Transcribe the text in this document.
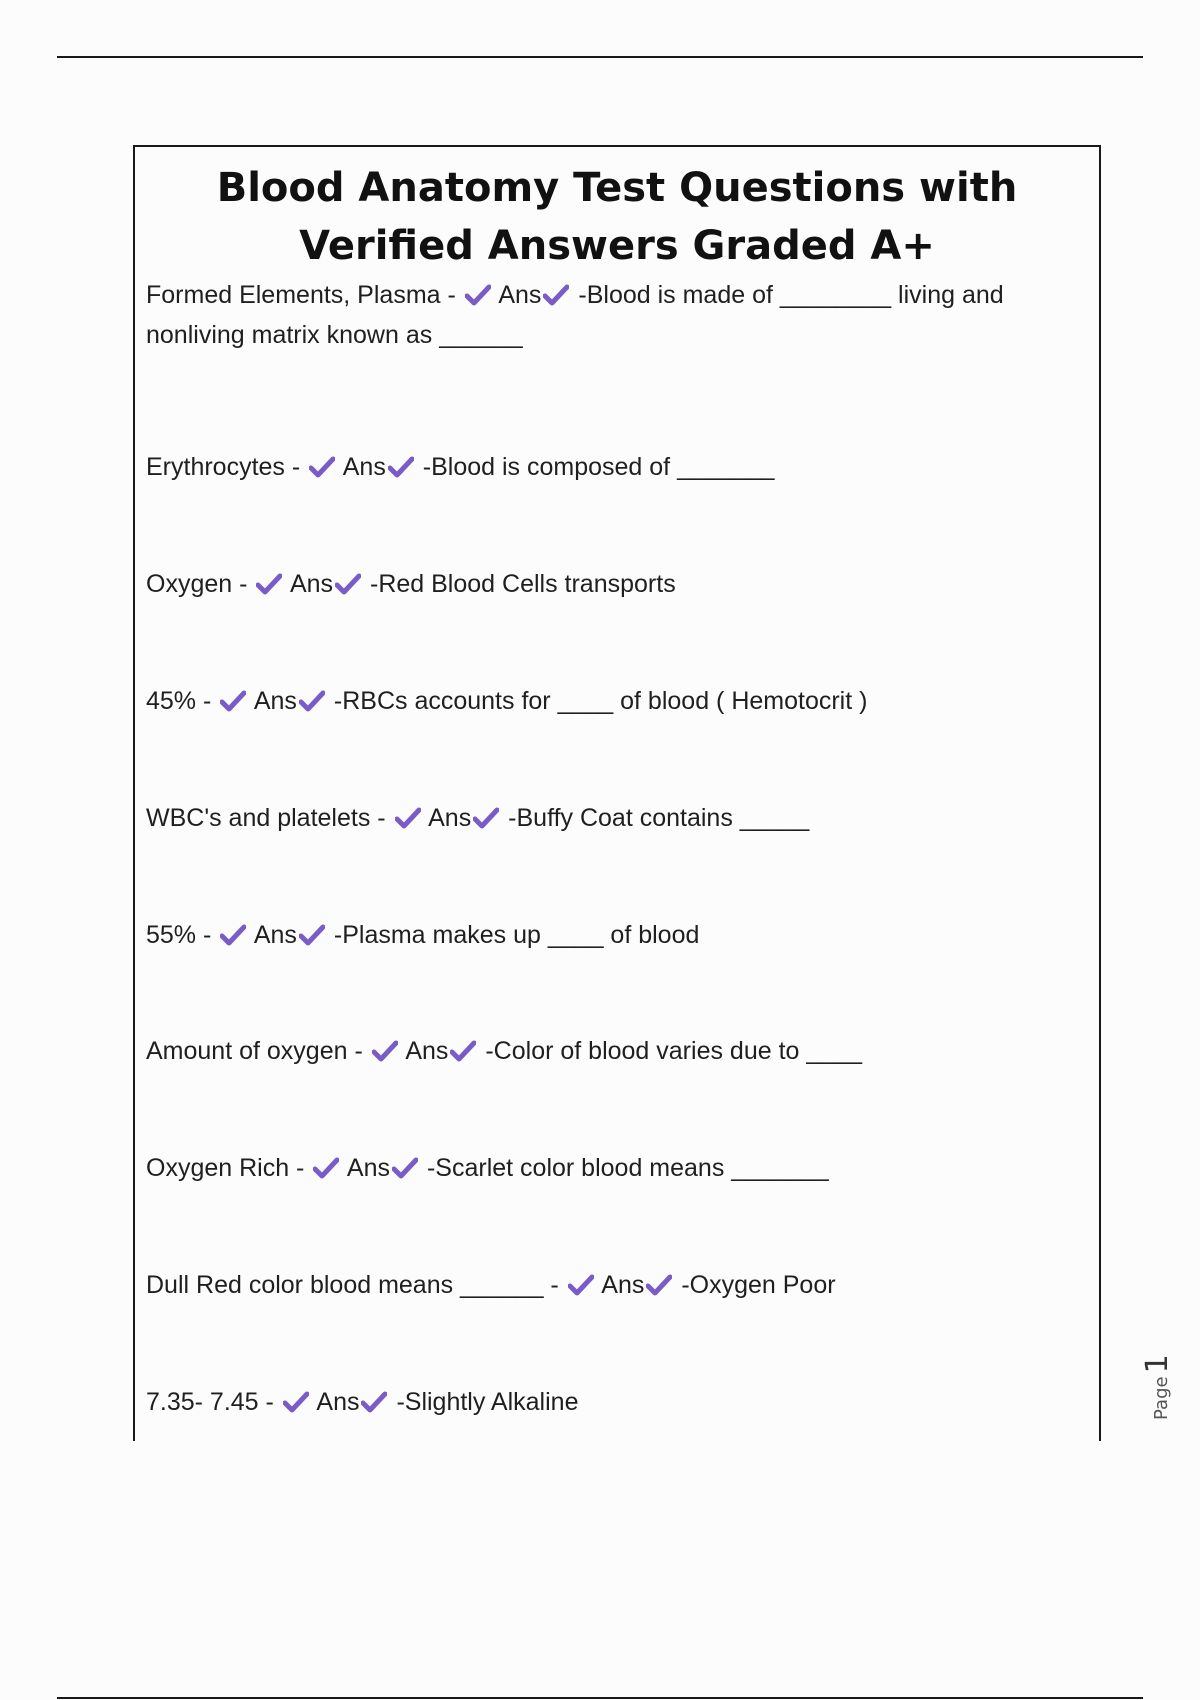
Blood Anatomy Test Questions with
Verified Answers Graded A+
Formed Elements, Plasma -
Ans -Blood is made of ________ living and nonliving matrix known as ______
Erythrocytes -
Ans -Blood is composed of _______
Oxygen -
Ans -Red Blood Cells transports
45% -
Ans -RBCs accounts for ____ of blood ( Hemotocrit )
WBC's and platelets -
Ans -Buffy Coat contains _____
55% -
Ans -Plasma makes up ____ of blood
Amount of oxygen -
Ans -Color of blood varies due to ____
Oxygen Rich -
Ans -Scarlet color blood means _______
Dull Red color blood means ______ -
Ans -Oxygen Poor
7.35- 7.45 -
Ans -Slightly Alkaline	Page1
